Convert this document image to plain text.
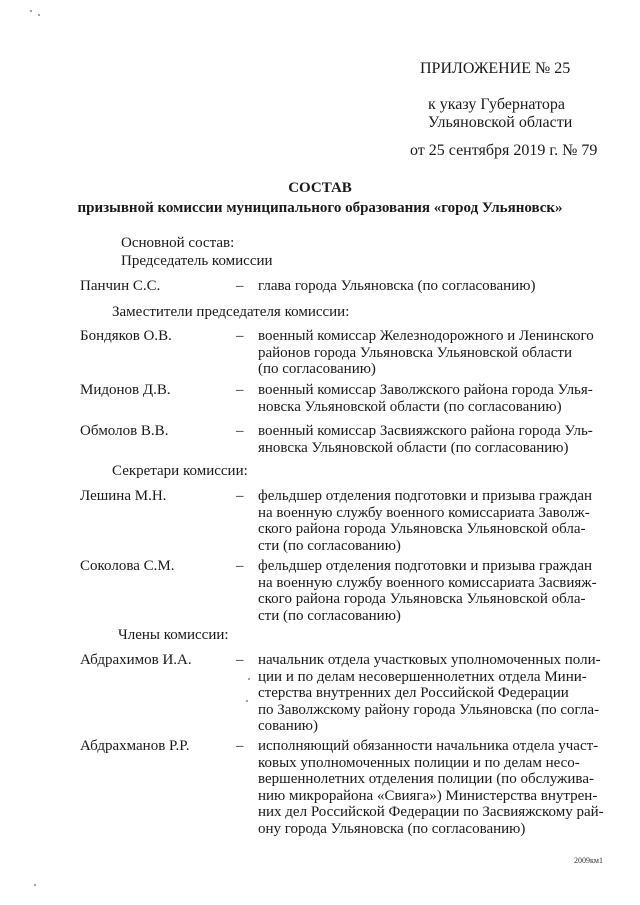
ПРИЛОЖЕНИЕ № 25
к указу Губернатора
Ульяновской области
от 25 сентября 2019 г. № 79
СОСТАВ
призывной комиссии муниципального образования «город Ульяновск»
Основной состав:
Председатель комиссии
Панчин С.С.	– глава города Ульяновска (по согласованию)
Заместители председателя комиссии:
Бондяков О.В.	– военный комиссар Железнодорожного и Ленинского
районов города Ульяновска Ульяновской области
(по согласованию)
Мидонов Д.В.	– военный комиссар Заволжского района города Улья-
новска Ульяновской области (по согласованию)
Обмолов В.В.	– военный комиссар Засвияжского района города Уль-
яновска Ульяновской области (по согласованию)
Секретари комиссии:
Лешина М.Н.	– фельдшер отделения подготовки и призыва граждан
на военную службу военного комиссариата Заволж-
ского района города Ульяновска Ульяновской обла-
сти (по согласованию)
Соколова С.М.	– фельдшер отделения подготовки и призыва граждан
на военную службу военного комиссариата Засвияж-
ского района города Ульяновска Ульяновской обла-
сти (по согласованию)
Члены комиссии:
Абдрахимов И.А.	– начальник отдела участковых уполномоченных поли-
ции и по делам несовершеннолетних отдела Мини-
стерства внутренних дел Российской Федерации
по Заволжскому району города Ульяновска (по согла-
сованию)
Абдрахманов Р.Р.	– исполняющий обязанности начальника отдела участ-
ковых уполномоченных полиции и по делам несо-
вершеннолетних отделения полиции (по обслужива-
нию микрорайона «Свияга») Министерства внутрен-
них дел Российской Федерации по Засвияжскому рай-
ону города Ульяновска (по согласованию)
2009км1
